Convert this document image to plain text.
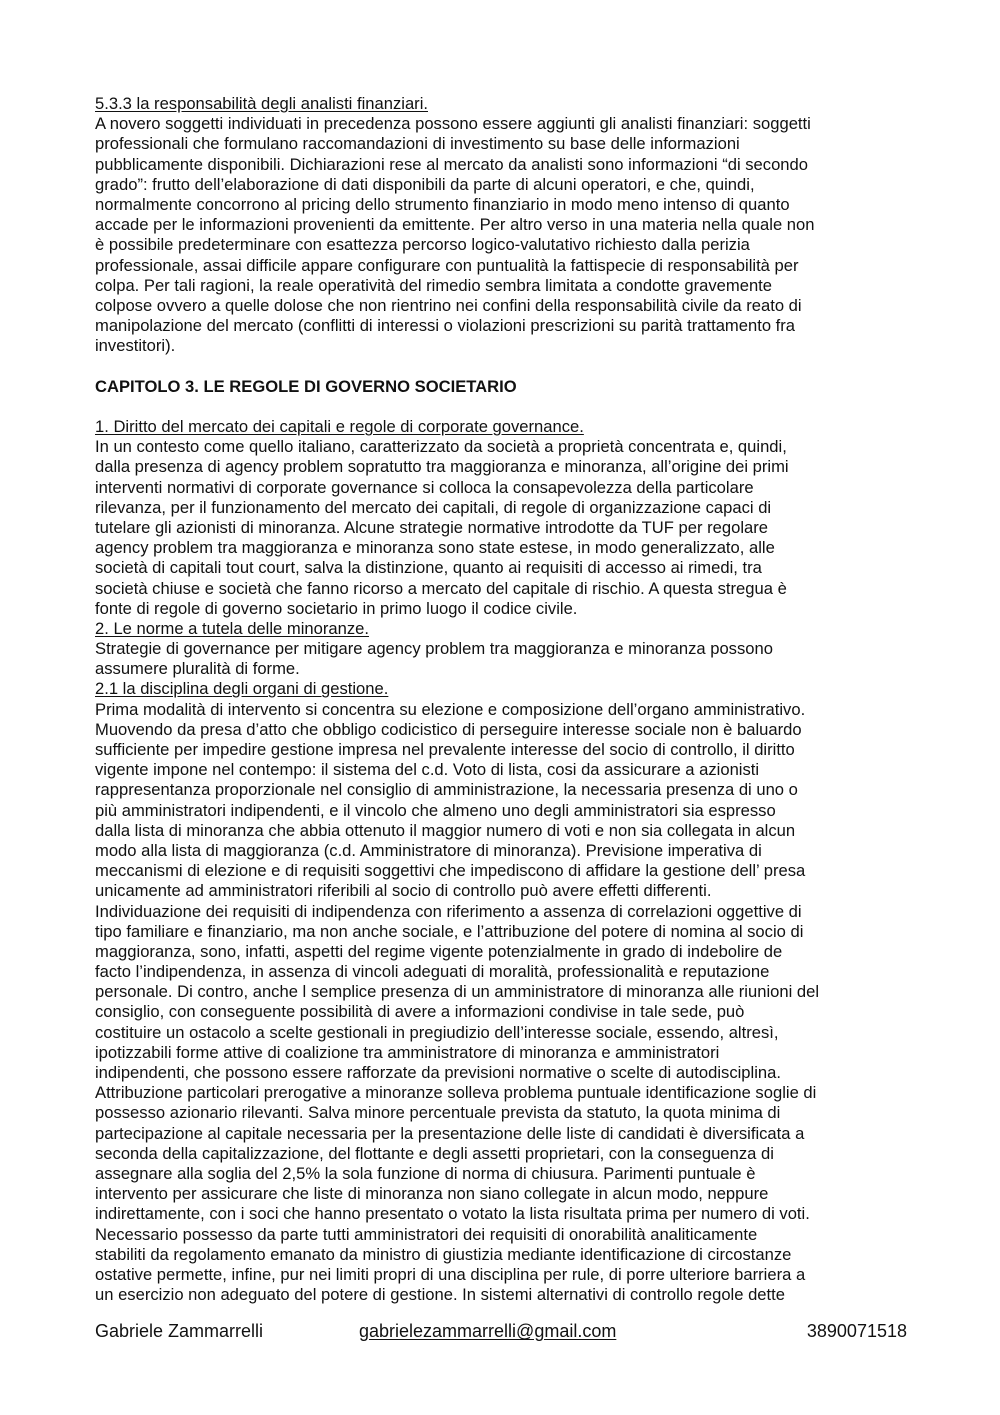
5.3.3 la responsabilità degli analisti finanziari.
A novero soggetti individuati in precedenza possono essere aggiunti gli analisti finanziari: soggetti
professionali che formulano raccomandazioni di investimento su base delle informazioni
pubblicamente disponibili. Dichiarazioni rese al mercato da analisti sono informazioni “di secondo
grado”: frutto dell’elaborazione di dati disponibili da parte di alcuni operatori, e che, quindi,
normalmente concorrono al pricing dello strumento finanziario in modo meno intenso di quanto
accade per le informazioni provenienti da emittente. Per altro verso in una materia nella quale non
è possibile predeterminare con esattezza percorso logico-valutativo richiesto dalla perizia
professionale, assai difficile appare configurare con puntualità la fattispecie di responsabilità per
colpa. Per tali ragioni, la reale operatività del rimedio sembra limitata a condotte gravemente
colpose ovvero a quelle dolose che non rientrino nei confini della responsabilità civile da reato di
manipolazione del mercato (conflitti di interessi o violazioni prescrizioni su parità trattamento fra
investitori).
CAPITOLO 3. LE REGOLE DI GOVERNO SOCIETARIO
1. Diritto del mercato dei capitali e regole di corporate governance.
In un contesto come quello italiano, caratterizzato da società a proprietà concentrata e, quindi,
dalla presenza di agency problem sopratutto tra maggioranza e minoranza, all’origine dei primi
interventi normativi di corporate governance si colloca la consapevolezza della particolare
rilevanza, per il funzionamento del mercato dei capitali, di regole di organizzazione capaci di
tutelare gli azionisti di minoranza. Alcune strategie normative introdotte da TUF per regolare
agency problem tra maggioranza e minoranza sono state estese, in modo generalizzato, alle
società di capitali tout court, salva la distinzione, quanto ai requisiti di accesso ai rimedi, tra
società chiuse e società che fanno ricorso a mercato del capitale di rischio. A questa stregua è
fonte di regole di governo societario in primo luogo il codice civile.
2. Le norme a tutela delle minoranze.
Strategie di governance per mitigare agency problem tra maggioranza e minoranza possono
assumere pluralità di forme.
2.1 la disciplina degli organi di gestione.
Prima modalità di intervento si concentra su elezione e composizione dell’organo amministrativo.
Muovendo da presa d’atto che obbligo codicistico di perseguire interesse sociale non è baluardo
sufficiente per impedire gestione impresa nel prevalente interesse del socio di controllo, il diritto
vigente impone nel contempo: il sistema del c.d. Voto di lista, cosi da assicurare a azionisti
rappresentanza proporzionale nel consiglio di amministrazione, la necessaria presenza di uno o
più amministratori indipendenti, e il vincolo che almeno uno degli amministratori sia espresso
dalla lista di minoranza che abbia ottenuto il maggior numero di voti e non sia collegata in alcun
modo alla lista di maggioranza (c.d. Amministratore di minoranza). Previsione imperativa di
meccanismi di elezione e di requisiti soggettivi che impediscono di affidare la gestione dell’ presa
unicamente ad amministratori riferibili al socio di controllo può avere effetti differenti.
Individuazione dei requisiti di indipendenza con riferimento a assenza di correlazioni oggettive di
tipo familiare e finanziario, ma non anche sociale, e l’attribuzione del potere di nomina al socio di
maggioranza, sono, infatti, aspetti del regime vigente potenzialmente in grado di indebolire de
facto l’indipendenza, in assenza di vincoli adeguati di moralità, professionalità e reputazione
personale. Di contro, anche l semplice presenza di un amministratore di minoranza alle riunioni del
consiglio, con conseguente possibilità di avere a informazioni condivise in tale sede, può
costituire un ostacolo a scelte gestionali in pregiudizio dell’interesse sociale, essendo, altresì,
ipotizzabili forme attive di coalizione tra amministratore di minoranza e amministratori
indipendenti, che possono essere rafforzate da previsioni normative o scelte di autodisciplina.
Attribuzione particolari prerogative a minoranze solleva problema puntuale identificazione soglie di
possesso azionario rilevanti. Salva minore percentuale prevista da statuto, la quota minima di
partecipazione al capitale necessaria per la presentazione delle liste di candidati è diversificata a
seconda della capitalizzazione, del flottante e degli assetti proprietari, con la conseguenza di
assegnare alla soglia del 2,5% la sola funzione di norma di chiusura. Parimenti puntuale è
intervento per assicurare che liste di minoranza non siano collegate in alcun modo, neppure
indirettamente, con i soci che hanno presentato o votato la lista risultata prima per numero di voti.
Necessario possesso da parte tutti amministratori dei requisiti di onorabilità analiticamente
stabiliti da regolamento emanato da ministro di giustizia mediante identificazione di circostanze
ostative permette, infine, pur nei limiti propri di una disciplina per rule, di porre ulteriore barriera a
un esercizio non adeguato del potere di gestione. In sistemi alternativi di controllo regole dette
Gabriele Zammarrelli	gabrielezammarrelli@gmail.com	3890071518
